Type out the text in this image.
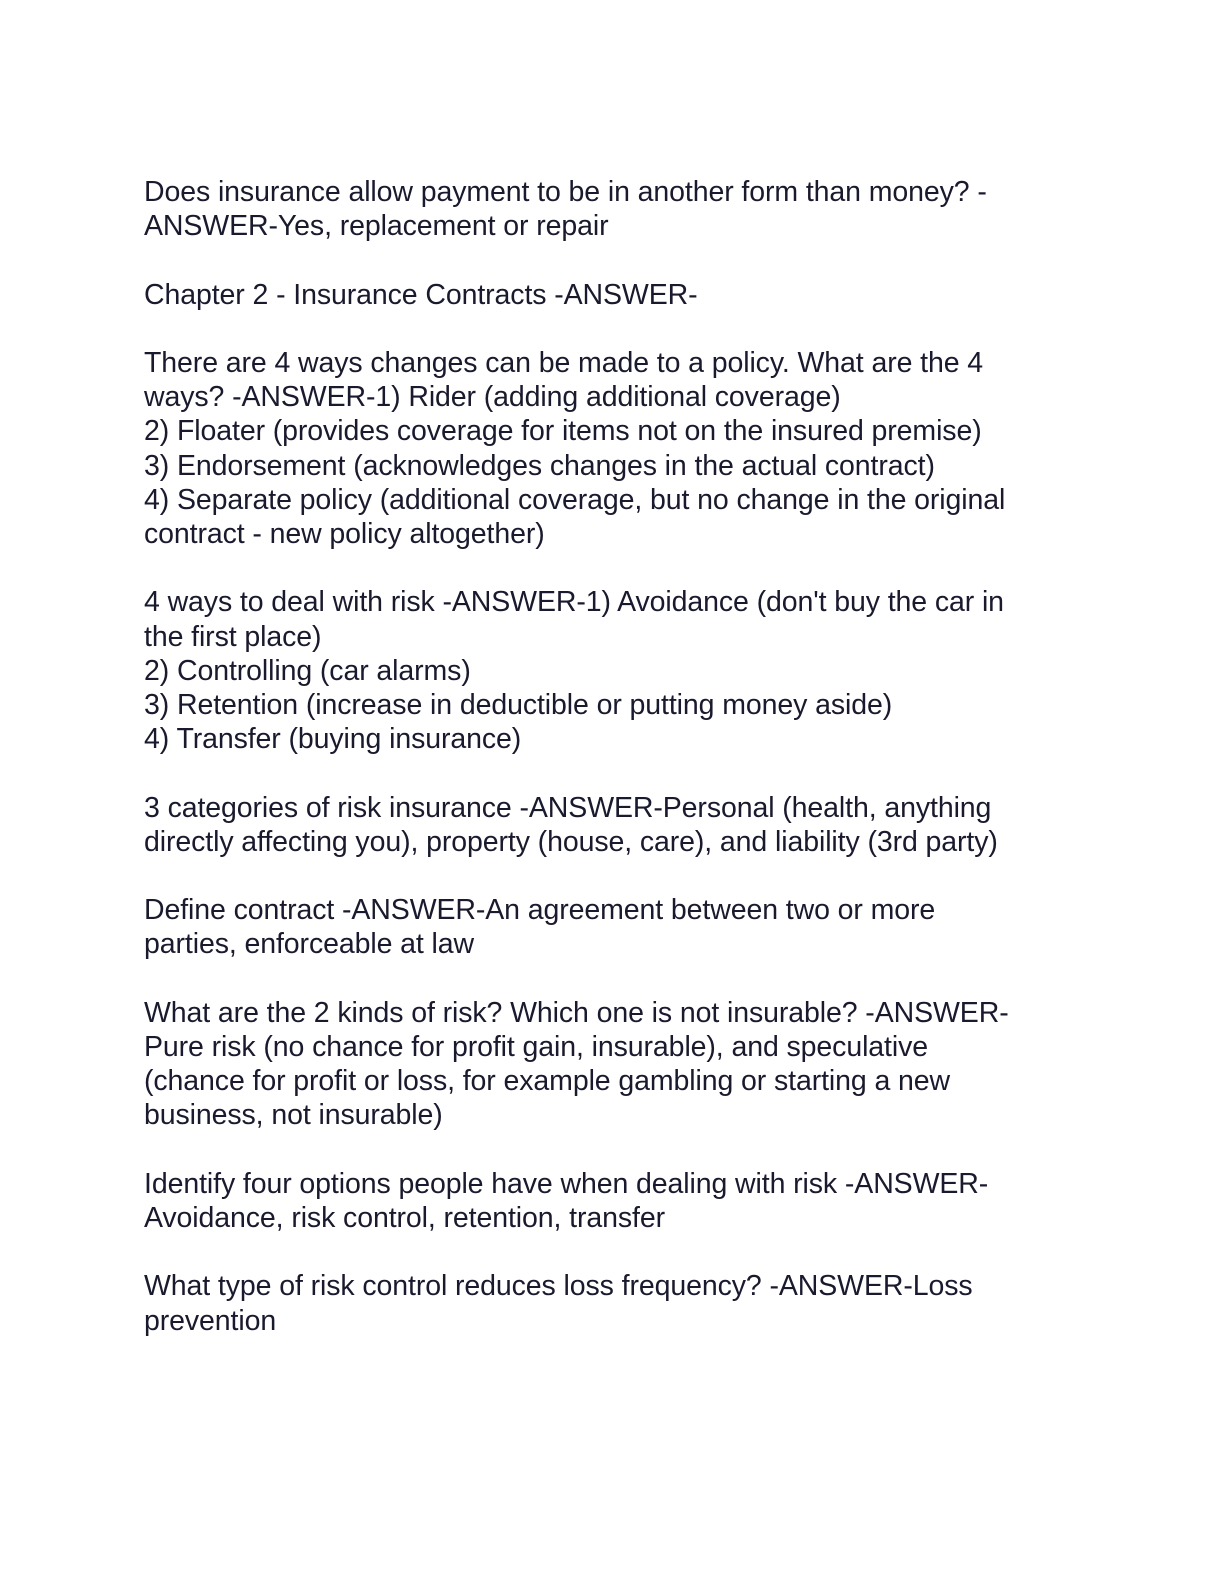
Does insurance allow payment to be in another form than money? -
ANSWER-Yes, replacement or repair
Chapter 2 - Insurance Contracts -ANSWER-
There are 4 ways changes can be made to a policy. What are the 4
ways? -ANSWER-1) Rider (adding additional coverage)
2) Floater (provides coverage for items not on the insured premise)
3) Endorsement (acknowledges changes in the actual contract)
4) Separate policy (additional coverage, but no change in the original
contract - new policy altogether)
4 ways to deal with risk -ANSWER-1) Avoidance (don't buy the car in
the first place)
2) Controlling (car alarms)
3) Retention (increase in deductible or putting money aside)
4) Transfer (buying insurance)
3 categories of risk insurance -ANSWER-Personal (health, anything
directly affecting you), property (house, care), and liability (3rd party)
Define contract -ANSWER-An agreement between two or more
parties, enforceable at law
What are the 2 kinds of risk? Which one is not insurable? -ANSWER-
Pure risk (no chance for profit gain, insurable), and speculative
(chance for profit or loss, for example gambling or starting a new
business, not insurable)
Identify four options people have when dealing with risk -ANSWER-
Avoidance, risk control, retention, transfer
What type of risk control reduces loss frequency? -ANSWER-Loss
prevention
